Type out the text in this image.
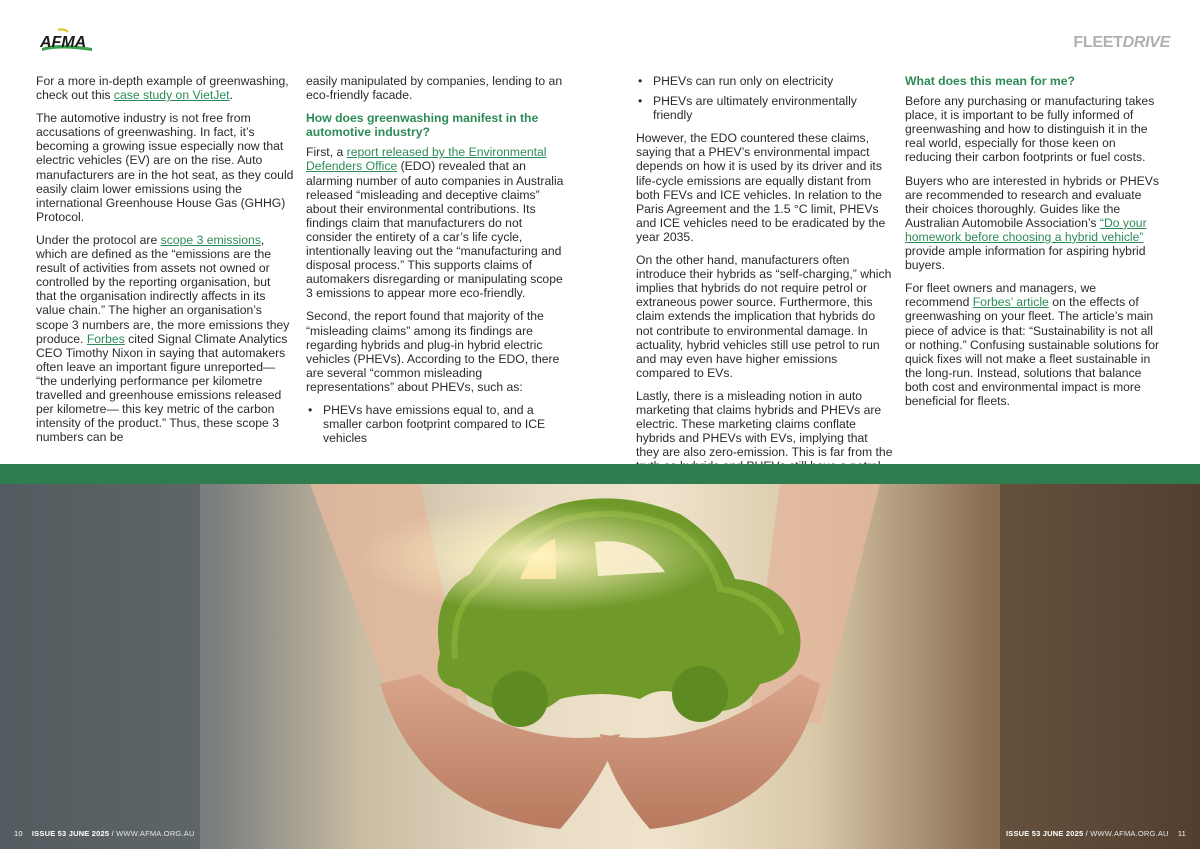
AFMA	FLEETDRIVE

For a more in-depth example of greenwashing, check out this case study on VietJet.

The automotive industry is not free from accusations of greenwashing. In fact, it’s becoming a growing issue especially now that electric vehicles (EV) are on the rise. Auto manufacturers are in the hot seat, as they could easily claim lower emissions using the international Greenhouse House Gas (GHHG) Protocol.

Under the protocol are scope 3 emissions, which are defined as the “emissions are the result of activities from assets not owned or controlled by the reporting organisation, but that the organisation indirectly affects in its value chain.” The higher an organisation’s scope 3 numbers are, the more emissions they produce. Forbes cited Signal Climate Analytics CEO Timothy Nixon in saying that automakers often leave an important figure unreported— “the underlying performance per kilometre travelled and greenhouse emissions released per kilometre— this key metric of the carbon intensity of the product.” Thus, these scope 3 numbers can be

easily manipulated by companies, lending to an eco-friendly facade.

How does greenwashing manifest in the automotive industry?

First, a report released by the Environmental Defenders Office (EDO) revealed that an alarming number of auto companies in Australia released “misleading and deceptive claims” about their environmental contributions. Its findings claim that manufacturers do not consider the entirety of a car’s life cycle, intentionally leaving out the “manufacturing and disposal process.” This supports claims of automakers disregarding or manipulating scope 3 emissions to appear more eco-friendly.

Second, the report found that majority of the “misleading claims” among its findings are regarding hybrids and plug-in hybrid electric vehicles (PHEVs). According to the EDO, there are several “common misleading representations” about PHEVs, such as:

• PHEVs have emissions equal to, and a smaller carbon footprint compared to ICE vehicles
• PHEVs can run only on electricity
• PHEVs are ultimately environmentally friendly

However, the EDO countered these claims, saying that a PHEV’s environmental impact depends on how it is used by its driver and its life-cycle emissions are equally distant from both FEVs and ICE vehicles. In relation to the Paris Agreement and the 1.5 °C limit, PHEVs and ICE vehicles need to be eradicated by the year 2035.

On the other hand, manufacturers often introduce their hybrids as “self-charging,” which implies that hybrids do not require petrol or extraneous power source. Furthermore, this claim extends the implication that hybrids do not contribute to environmental damage. In actuality, hybrid vehicles still use petrol to run and may even have higher emissions compared to EVs.

Lastly, there is a misleading notion in auto marketing that claims hybrids and PHEVs are electric. These marketing claims conflate hybrids and PHEVs with EVs, implying that they are also zero-emission. This is far from the

What does this mean for me?

Before any purchasing or manufacturing takes place, it is important to be fully informed of greenwashing and how to distinguish it in the real world, especially for those keen on reducing their carbon footprints or fuel costs.

Buyers who are interested in hybrids or PHEVs are recommended to research and evaluate their choices thoroughly. Guides like the Australian Automobile Association’s “Do your homework before choosing a hybrid vehicle” provide ample information for aspiring hybrid buyers.

For fleet owners and managers, we recommend Forbes’ article on the effects of greenwashing on your fleet. The article’s main piece of advice is that: “Sustainability is not all or nothing.” Confusing sustainable solutions for quick fixes will not make a fleet sustainable in the long-run. Instead, solutions that balance both cost and environmental impact is more beneficial for fleets.

10 ISSUE 53 JUNE 2025 / WWW.AFMA.ORG.AU	ISSUE 53 JUNE 2025 / WWW.AFMA.ORG.AU 11
